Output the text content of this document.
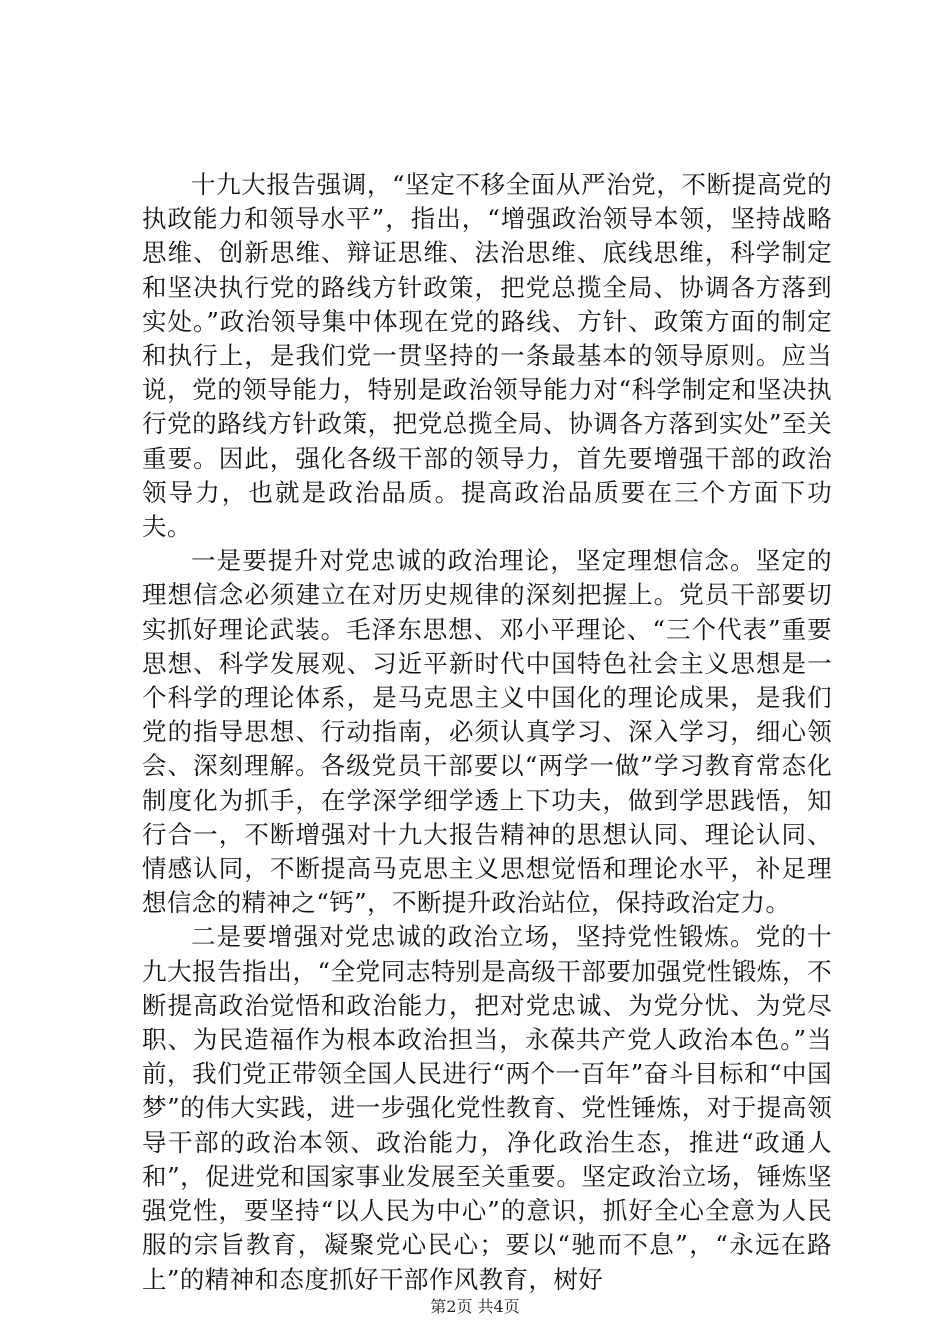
十九大报告强调，“坚定不移全面从严治党，不断提高党的执政能力和领导水平”，指出，“增强政治领导本领，坚持战略思维、创新思维、辩证思维、法治思维、底线思维，科学制定和坚决执行党的路线方针政策，把党总揽全局、协调各方落到实处。”政治领导集中体现在党的路线、方针、政策方面的制定和执行上，是我们党一贯坚持的一条最基本的领导原则。应当说，党的领导能力，特别是政治领导能力对“科学制定和坚决执行党的路线方针政策，把党总揽全局、协调各方落到实处”至关重要。因此，强化各级干部的领导力，首先要增强干部的政治领导力，也就是政治品质。提高政治品质要在三个方面下功夫。

一是要提升对党忠诚的政治理论，坚定理想信念。坚定的理想信念必须建立在对历史规律的深刻把握上。党员干部要切实抓好理论武装。毛泽东思想、邓小平理论、“三个代表”重要思想、科学发展观、习近平新时代中国特色社会主义思想是一个科学的理论体系，是马克思主义中国化的理论成果，是我们党的指导思想、行动指南，必须认真学习、深入学习，细心领会、深刻理解。各级党员干部要以“两学一做”学习教育常态化制度化为抓手，在学深学细学透上下功夫，做到学思践悟，知行合一，不断增强对十九大报告精神的思想认同、理论认同、情感认同，不断提高马克思主义思想觉悟和理论水平，补足理想信念的精神之“钙”，不断提升政治站位，保持政治定力。

二是要增强对党忠诚的政治立场，坚持党性锻炼。党的十九大报告指出，“全党同志特别是高级干部要加强党性锻炼，不断提高政治觉悟和政治能力，把对党忠诚、为党分忧、为党尽职、为民造福作为根本政治担当，永葆共产党人政治本色。”当前，我们党正带领全国人民进行“两个一百年”奋斗目标和“中国梦”的伟大实践，进一步强化党性教育、党性锤炼，对于提高领导干部的政治本领、政治能力，净化政治生态，推进“政通人和”，促进党和国家事业发展至关重要。坚定政治立场，锤炼坚强党性，要坚持“以人民为中心”的意识，抓好全心全意为人民服的宗旨教育，凝聚党心民心；要以“驰而不息”，“永远在路上”的精神和态度抓好干部作风教育，树好

第2页 共4页
